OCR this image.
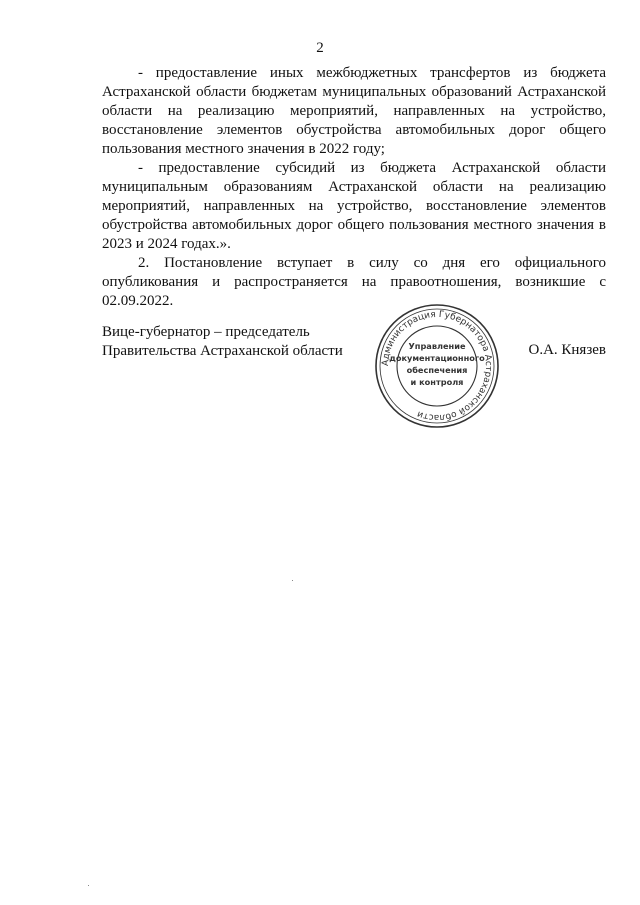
2

- предоставление иных межбюджетных трансфертов из бюджета Астраханской области бюджетам муниципальных образований Астраханской области на реализацию мероприятий, направленных на устройство, восстановление элементов обустройства автомобильных дорог общего пользования местного значения в 2022 году;

- предоставление субсидий из бюджета Астраханской области муниципальным образованиям Астраханской области на реализацию мероприятий, направленных на устройство, восстановление элементов обустройства автомобильных дорог общего пользования местного значения в 2023 и 2024 годах.».

2. Постановление вступает в силу со дня его официального опубликования и распространяется на правоотношения, возникшие с 02.09.2022.

Вице-губернатор – председатель
Правительства Астраханской области
Администрация Губернатора Астраханской области
Управление
документационного
обеспечения
и контроля
О.А. Князев
